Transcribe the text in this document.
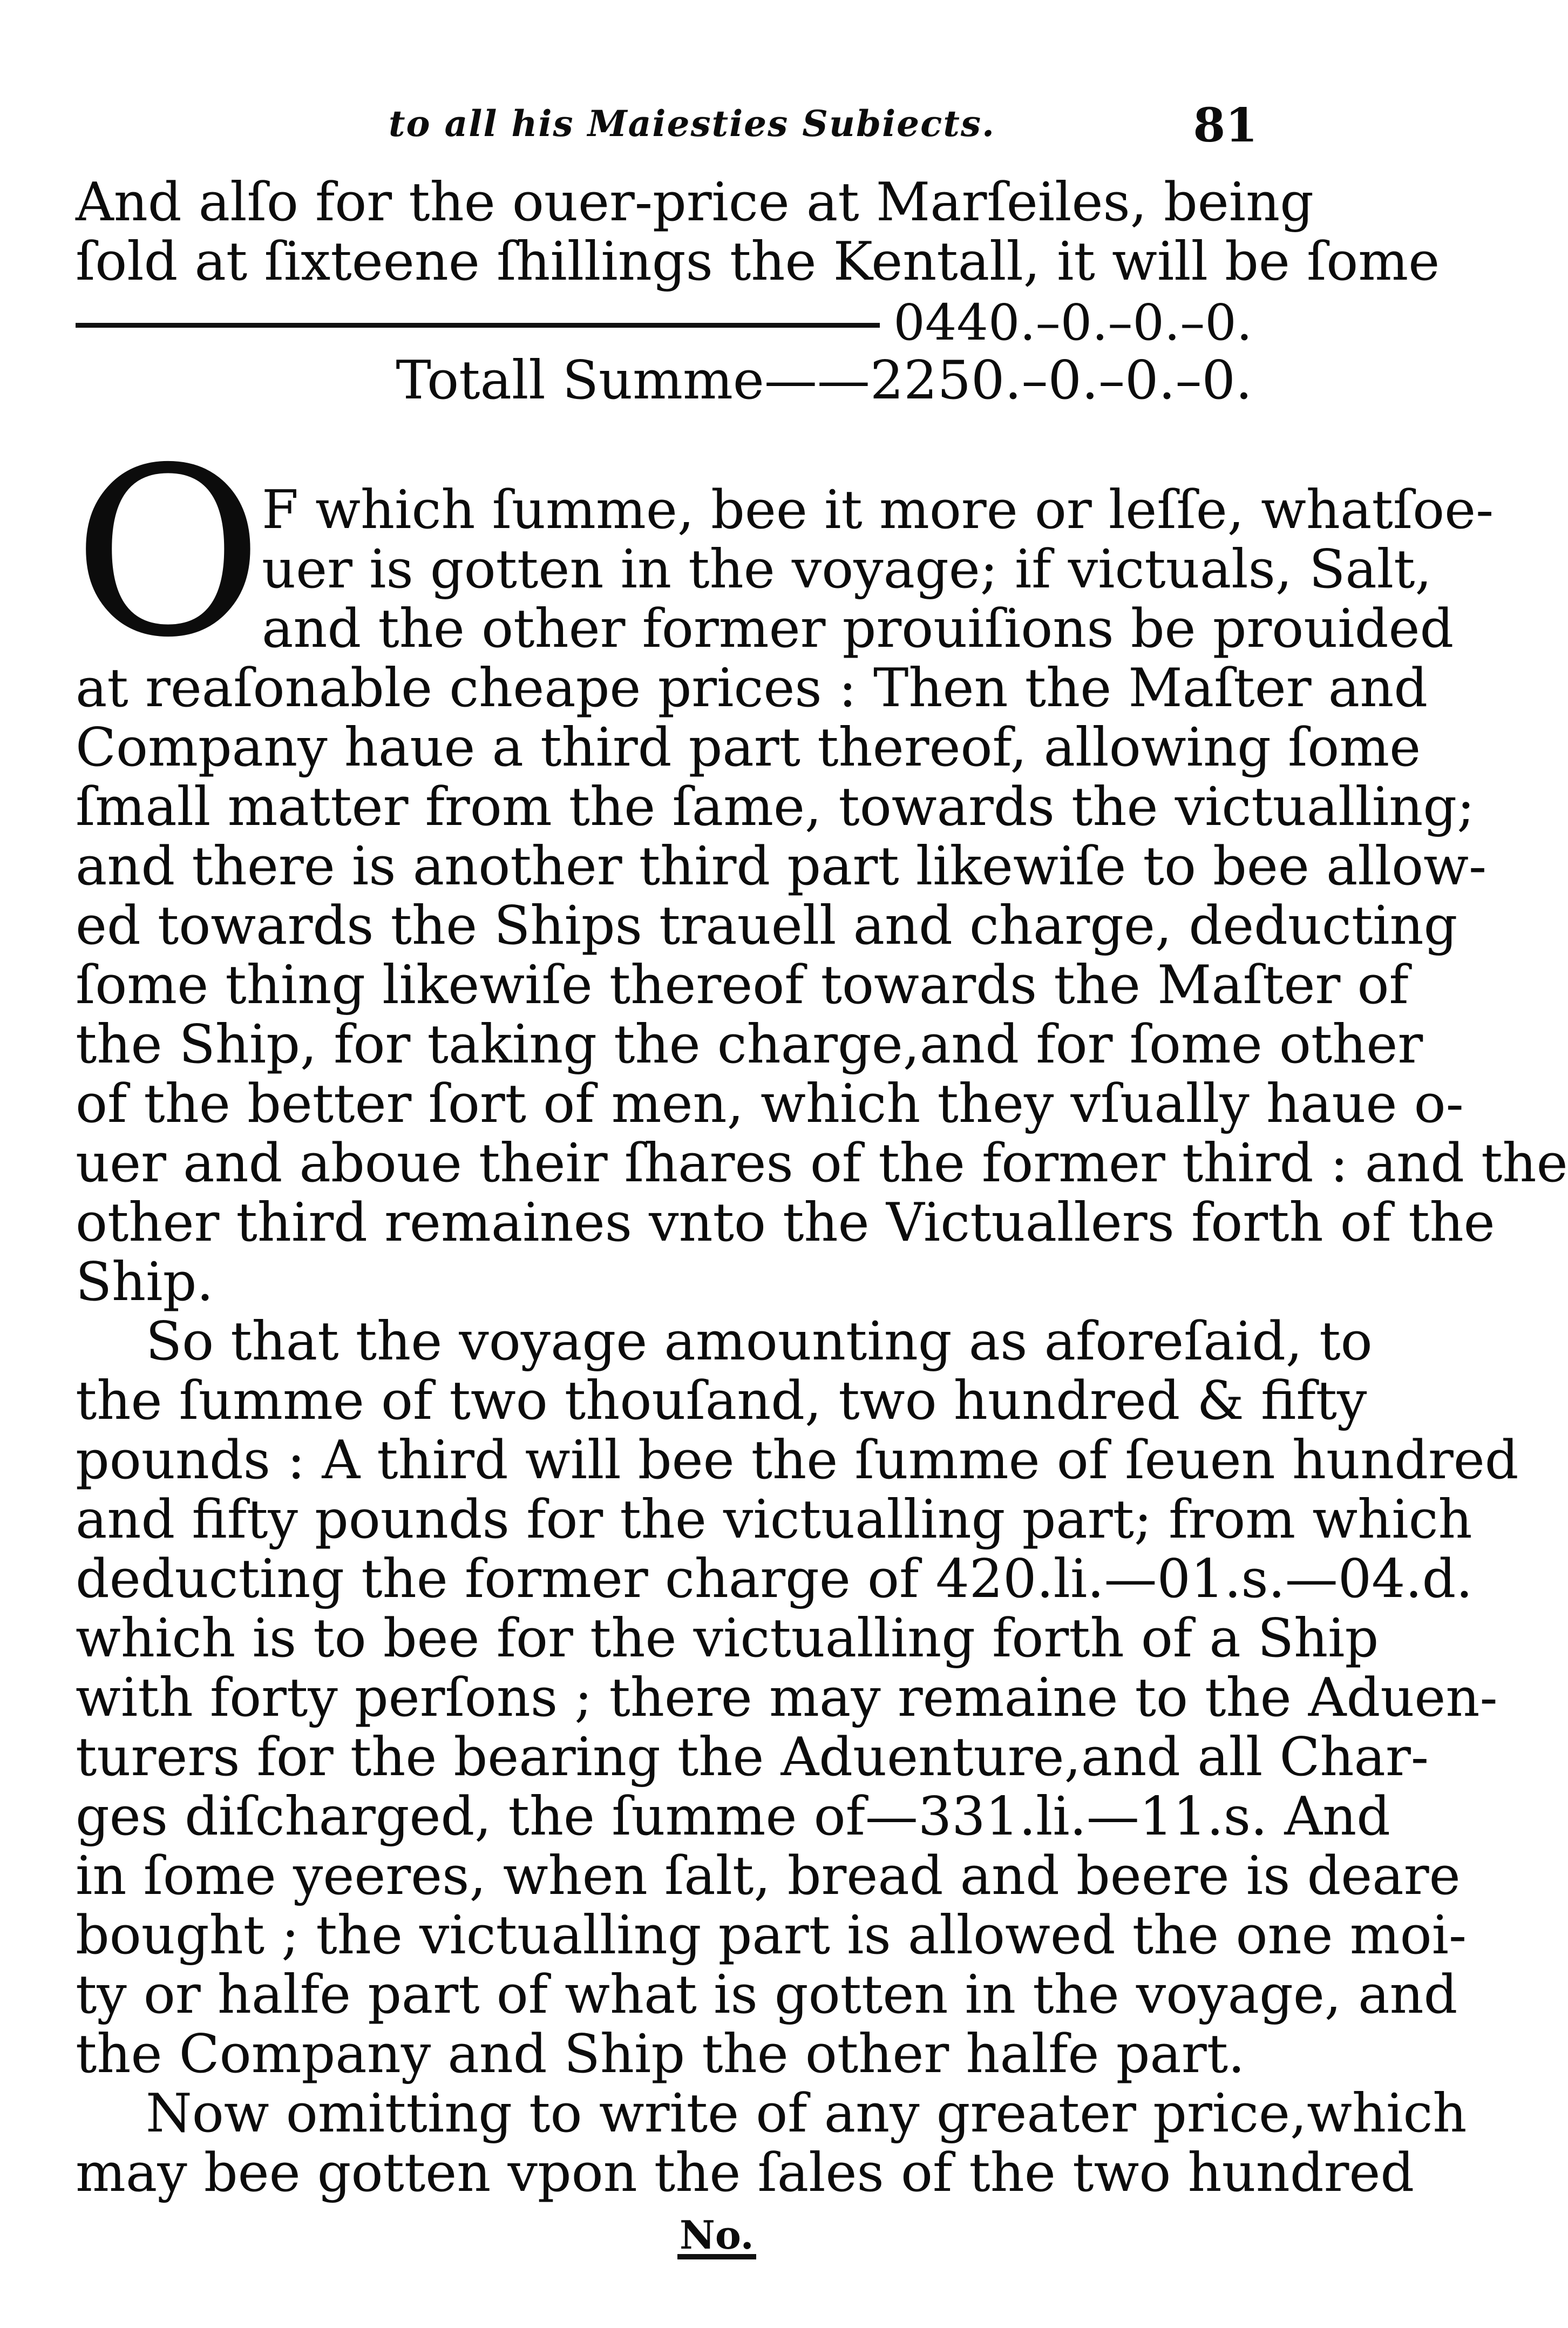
to all his Maiesties Subiects.	81
And alſo for the ouer-price at Marſeiles, being
ſold at ſixteene ſhillings the Kentall, it will be ſome
0440.–0.–0.–0.
Totall Summe——2250.–0.–0.–0.
O
F which ſumme, bee it more or leſſe, whatſoe-
uer is gotten in the voyage; if victuals, Salt,
and the other former prouiſions be prouided
at reaſonable cheape prices : Then the Maſter and
Company haue a third part thereof, allowing ſome
ſmall matter from the ſame, towards the victualling;
and there is another third part likewiſe to bee allow-
ed towards the Ships trauell and charge, deducting
ſome thing likewiſe thereof towards the Maſter of
the Ship, for taking the charge,and for ſome other
of the better ſort of men, which they vſually haue o-
uer and aboue their ſhares of the former third : and the
other third remaines vnto the Victuallers forth of the
Ship.
So that the voyage amounting as aforeſaid, to
the ſumme of two thouſand, two hundred & fifty
pounds : A third will bee the ſumme of ſeuen hundred
and fifty pounds for the victualling part; from which
deducting the former charge of 420.li.—01.s.—04.d.
which is to bee for the victualling forth of a Ship
with forty perſons ; there may remaine to the Aduen-
turers for the bearing the Aduenture,and all Char-
ges diſcharged, the ſumme of—331.li.—11.s. And
in ſome yeeres, when ſalt, bread and beere is deare
bought ; the victualling part is allowed the one moi-
ty or halfe part of what is gotten in the voyage, and
the Company and Ship the other halfe part.
Now omitting to write of any greater price,which
may bee gotten vpon the ſales of the two hundred
No.
